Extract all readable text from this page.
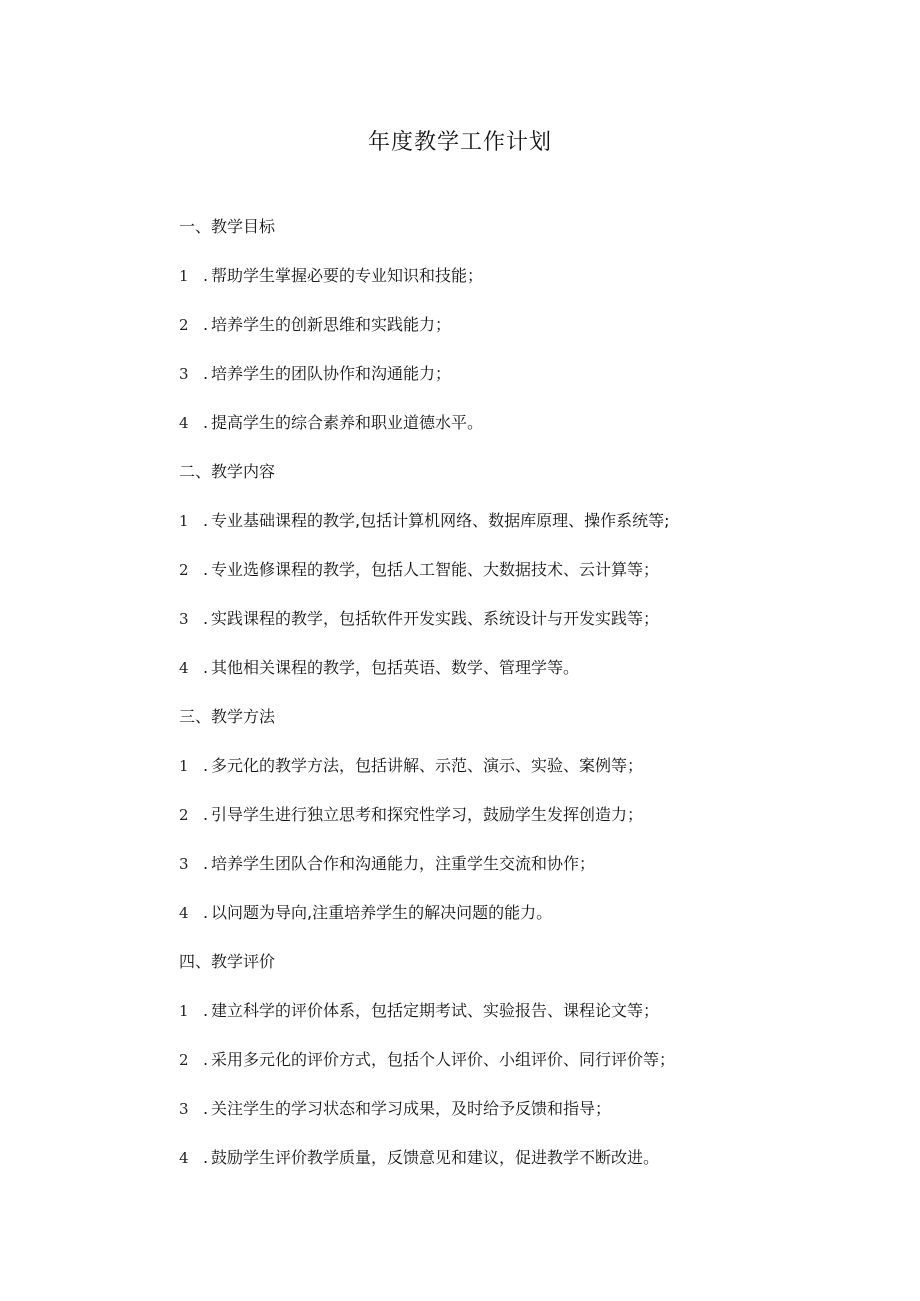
年度教学工作计划
一、教学目标
1 . 帮助学生掌握必要的专业知识和技能；
2 . 培养学生的创新思维和实践能力；
3 . 培养学生的团队协作和沟通能力；
4 . 提高学生的综合素养和职业道德水平。
二、教学内容
1 . 专业基础课程的教学,包括计算机网络、数据库原理、操作系统等;
2 . 专业选修课程的教学，包括人工智能、大数据技术、云计算等；
3 . 实践课程的教学，包括软件开发实践、系统设计与开发实践等；
4 . 其他相关课程的教学，包括英语、数学、管理学等。
三、教学方法
1 . 多元化的教学方法，包括讲解、示范、演示、实验、案例等；
2 . 引导学生进行独立思考和探究性学习，鼓励学生发挥创造力；
3 . 培养学生团队合作和沟通能力，注重学生交流和协作；
4 . 以问题为导向,注重培养学生的解决问题的能力。
四、教学评价
1 . 建立科学的评价体系，包括定期考试、实验报告、课程论文等；
2 . 采用多元化的评价方式，包括个人评价、小组评价、同行评价等；
3 . 关注学生的学习状态和学习成果，及时给予反馈和指导；
4 . 鼓励学生评价教学质量，反馈意见和建议，促进教学不断改进。
